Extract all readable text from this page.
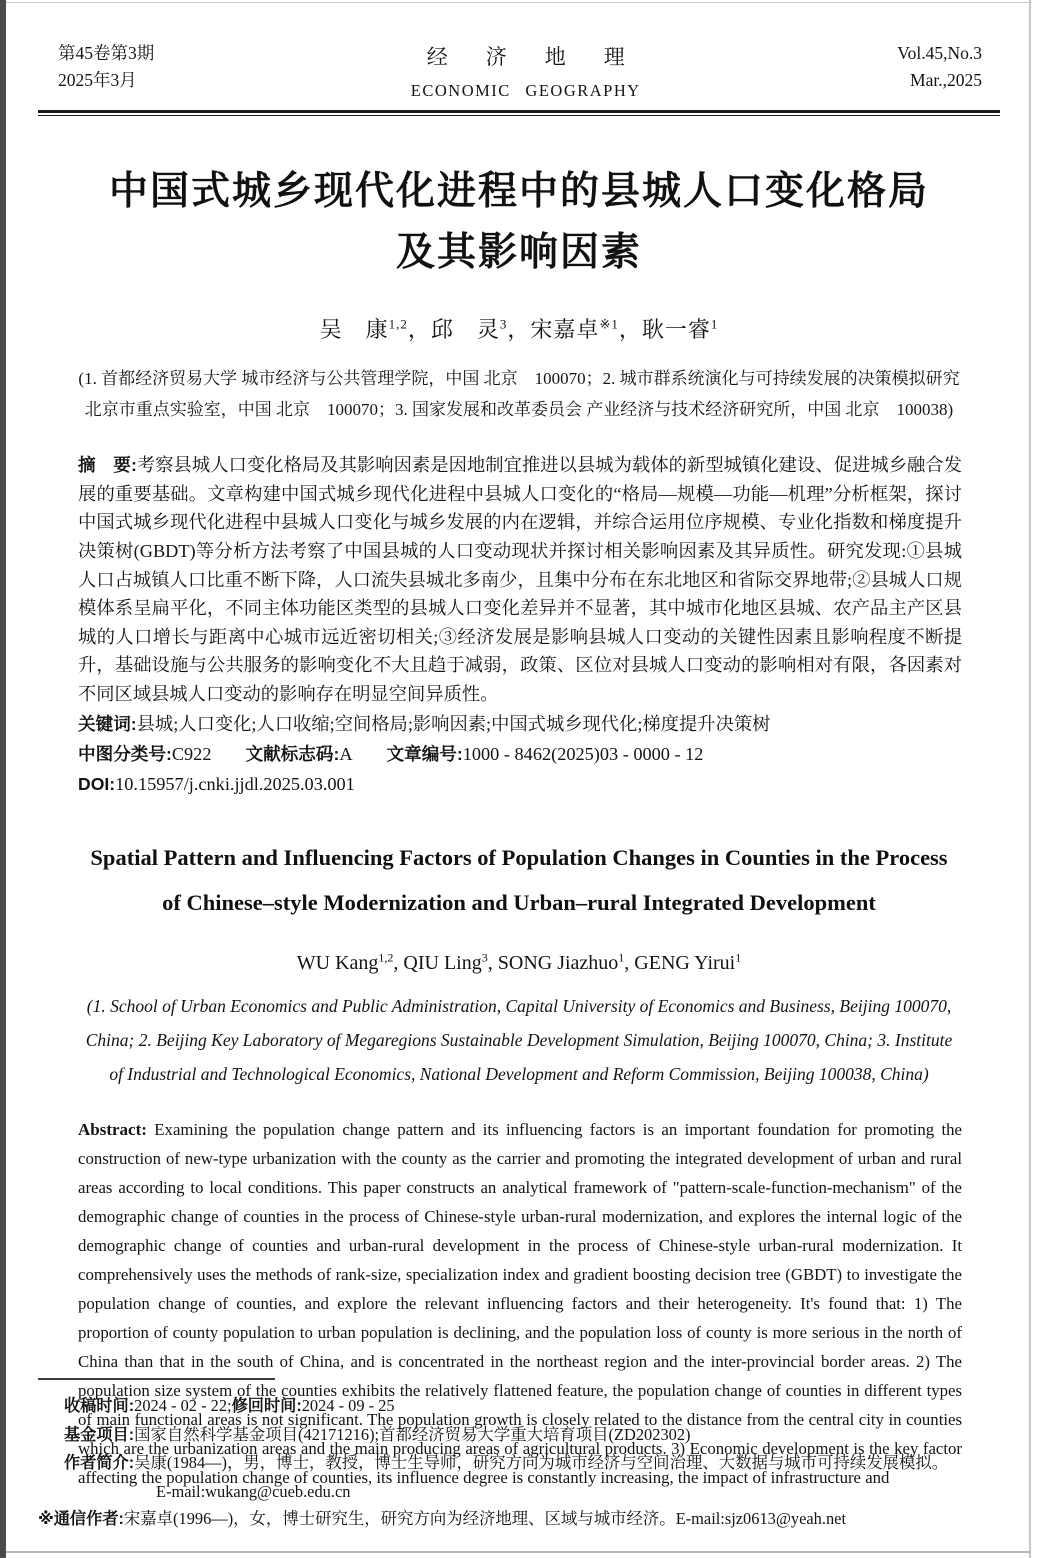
第45卷第3期
2025年3月
经济地理
ECONOMIC GEOGRAPHY
Vol.45,No.3
Mar.,2025
中国式城乡现代化进程中的县城人口变化格局
及其影响因素
吴　康$^{1,2}$，邱　灵$^3$，宋嘉卓$^{※1}$，耿一睿$^1$
(1. 首都经济贸易大学 城市经济与公共管理学院，中国 北京　100070；2. 城市群系统演化与可持续发展的决策模拟研究
北京市重点实验室，中国 北京　100070；3. 国家发展和改革委员会 产业经济与技术经济研究所，中国 北京　100038)

摘　要:考察县城人口变化格局及其影响因素是因地制宜推进以县城为载体的新型城镇化建设、促进城乡融合发展的重要基础。文章构建中国式城乡现代化进程中县城人口变化的“格局—规模—功能—机理”分析框架，探讨中国式城乡现代化进程中县城人口变化与城乡发展的内在逻辑，并综合运用位序规模、专业化指数和梯度提升决策树(GBDT)等分析方法考察了中国县城的人口变动现状并探讨相关影响因素及其异质性。研究发现:①县城人口占城镇人口比重不断下降，人口流失县城北多南少，且集中分布在东北地区和省际交界地带;②县城人口规模体系呈扁平化，不同主体功能区类型的县城人口变化差异并不显著，其中城市化地区县城、农产品主产区县城的人口增长与距离中心城市远近密切相关;③经济发展是影响县城人口变动的关键性因素且影响程度不断提升，基础设施与公共服务的影响变化不大且趋于减弱，政策、区位对县城人口变动的影响相对有限，各因素对不同区域县城人口变动的影响存在明显空间异质性。

关键词:县城;人口变化;人口收缩;空间格局;影响因素;中国式城乡现代化;梯度提升决策树

中图分类号:C922 文献标志码:A 文章编号:1000 - 8462(2025)03 - 0000 - 12

DOI:10.15957/j.cnki.jjdl.2025.03.001

Spatial Pattern and Influencing Factors of Population Changes in Counties in the Process of Chinese–style Modernization and Urban–rural Integrated Development
WU Kang$^{1,2}$, QIU Ling$^3$, SONG Jiazhuo$^1$, GENG Yirui$^1$
(1. School of Urban Economics and Public Administration, Capital University of Economics and Business, Beijing 100070,
China; 2. Beijing Key Laboratory of Megaregions Sustainable Development Simulation, Beijing 100070, China; 3. Institute
of Industrial and Technological Economics, National Development and Reform Commission, Beijing 100038, China)

Abstract: Examining the population change pattern and its influencing factors is an important foundation for promoting the construction of new-type urbanization with the county as the carrier and promoting the integrated development of urban and rural areas according to local conditions. This paper constructs an analytical framework of "pattern-scale-function-mechanism" of the demographic change of counties in the process of Chinese-style urban-rural modernization, and explores the internal logic of the demographic change of counties and urban-rural development in the process of Chinese-style urban-rural modernization. It comprehensively uses the methods of rank-size, specialization index and gradient boosting decision tree (GBDT) to investigate the population change of counties, and explore the relevant influencing factors and their heterogeneity. It's found that: 1) The proportion of county population to urban population is declining, and the population loss of county is more serious in the north of China than that in the south of China, and is concentrated in the northeast region and the inter-provincial border areas. 2) The population size system of the counties exhibits the relatively flattened feature, the population change of counties in different types of main functional areas is not significant. The population growth is closely related to the distance from the central city in counties which are the urbanization areas and the main producing areas of agricultural products. 3) Economic development is the key factor affecting the population change of counties, its influence degree is constantly increasing, the impact of infrastructure and

收稿时间:2024 - 02 - 22;修回时间:2024 - 09 - 25

基金项目:国家自然科学基金项目(42171216);首都经济贸易大学重大培育项目(ZD202302)

作者简介:吴康(1984—)，男，博士，教授，博士生导师，研究方向为城市经济与空间治理、大数据与城市可持续发展模拟。

E-mail:wukang@cueb.edu.cn

※通信作者:宋嘉卓(1996—)，女，博士研究生，研究方向为经济地理、区域与城市经济。E-mail:sjz0613@yeah.net
